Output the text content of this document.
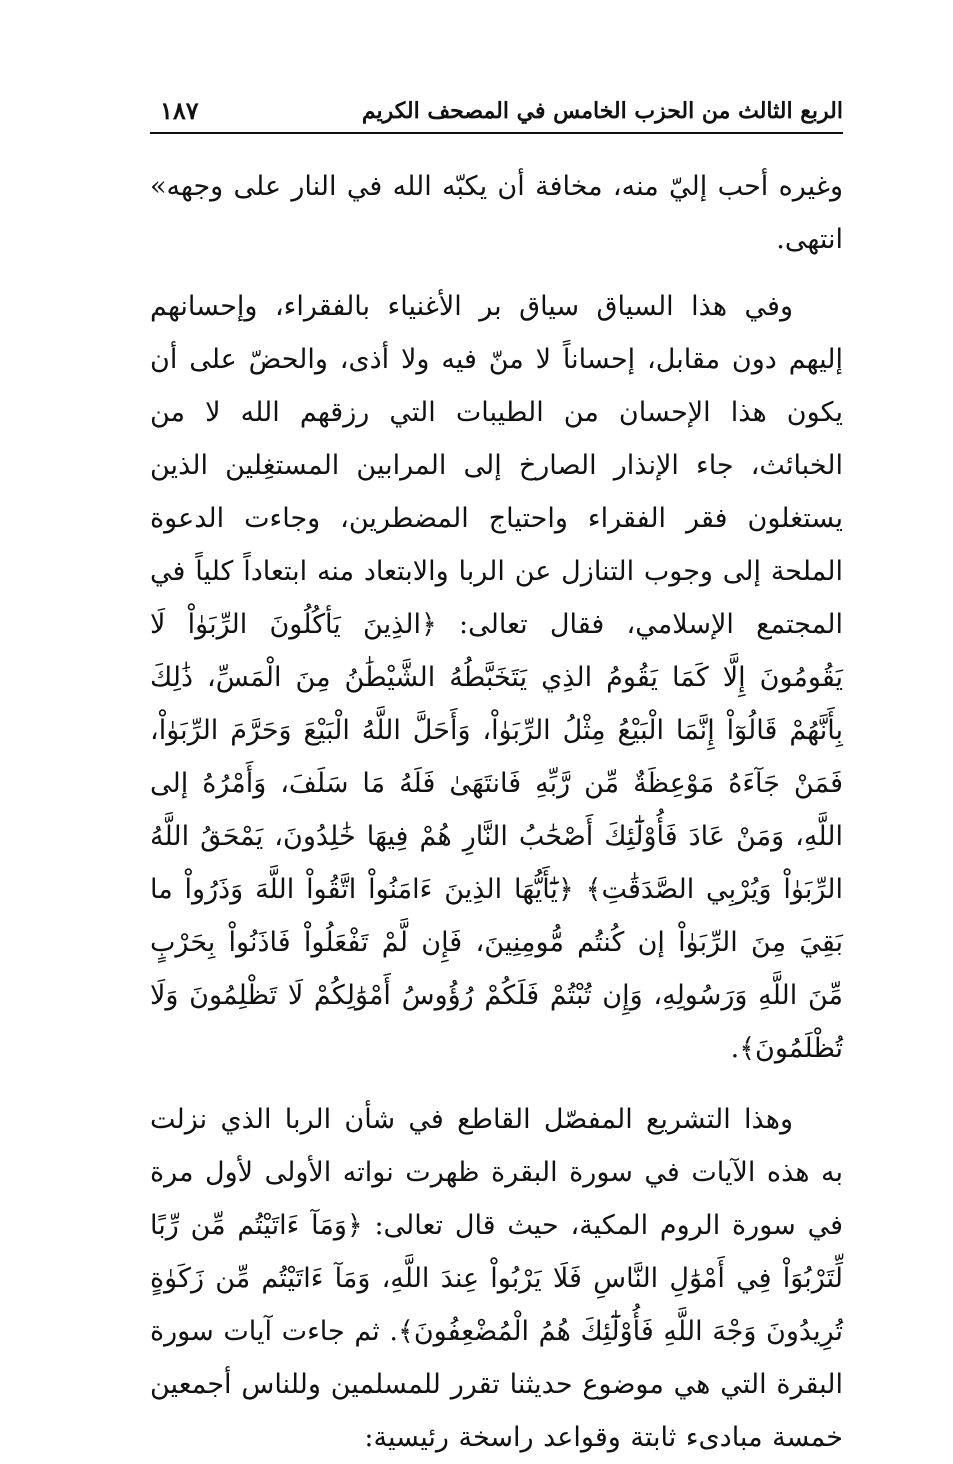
الربع الثالث من الحزب الخامس في المصحف الكريم
١٨٧

وغيره أحب إليّ منه، مخافة أن يكبّه الله في النار على وجهه» انتهى.

وفي هذا السياق سياق بر الأغنياء بالفقراء، وإحسانهم إليهم دون مقابل، إحساناً لا منّ فيه ولا أذى، والحضّ على أن يكون هذا الإحسان من الطيبات التي رزقهم الله لا من الخبائث، جاء الإنذار الصارخ إلى المرابين المستغِلين الذين يستغلون فقر الفقراء واحتياج المضطرين، وجاءت الدعوة الملحة إلى وجوب التنازل عن الربا والابتعاد منه ابتعاداً كلياً في المجتمع الإسلامي، فقال تعالى: ﴿الذِينَ يَأكُلُونَ الرِّبَوٰاْ لَا يَقُومُونَ إِلَّا كَمَا يَقُومُ الذِي يَتَخَبَّطُهُ الشَّيْطَٰنُ مِنَ الْمَسِّ، ذَٰلِكَ بِأَنَّهُمْ قَالُوٓاْ إِنَّمَا الْبَيْعُ مِثْلُ الرِّبَوٰاْ، وَأَحَلَّ اللَّهُ الْبَيْعَ وَحَرَّمَ الرِّبَوٰاْ، فَمَنْ جَآءَهُ مَوْعِظَةٌ مِّن رَّبِّهِ فَانتَهَىٰ فَلَهُ مَا سَلَفَ، وَأَمْرُهُ إلى اللَّهِ، وَمَنْ عَادَ فَأُوْلَٰٓئِكَ أَصْحَٰبُ النَّارِ هُمْ فِيهَا خَٰلِدُونَ، يَمْحَقُ اللَّهُ الرِّبَوٰاْ وَيُرْبِي الصَّدَقَٰتِ﴾ ﴿يَٰٓأَيُّهَا الذِينَ ءَامَنُواْ اتَّقُواْ اللَّهَ وَذَرُواْ ما بَقِيَ مِنَ الرِّبَوٰاْ إن كُنتُم مُّومِنِينَ، فَإِن لَّمْ تَفْعَلُواْ فَاذَنُواْ بِحَرْبٍ مِّنَ اللَّهِ وَرَسُولِهِ، وَإِن تُبْتُمْ فَلَكُمْ رُؤُوسُ أَمْوَٰلِكُمْ لَا تَظْلِمُونَ وَلَا تُظْلَمُونَ﴾.

وهذا التشريع المفصّل القاطع في شأن الربا الذي نزلت به هذه الآيات في سورة البقرة ظهرت نواته الأولى لأول مرة في سورة الروم المكية، حيث قال تعالى: ﴿وَمَآ ءَاتَيْتُم مِّن رِّبًا لِّتَرْبُوَاْ فِي أَمْوَٰلِ النَّاسِ فَلَا يَرْبُواْ عِندَ اللَّهِ، وَمَآ ءَاتَيْتُم مِّن زَكَوٰةٍ تُرِيدُونَ وَجْهَ اللَّهِ فَأُوْلَٰٓئِكَ هُمُ الْمُضْعِفُونَ﴾. ثم جاءت آيات سورة البقرة التي هي موضوع حديثنا تقرر للمسلمين وللناس أجمعين خمسة مبادىء ثابتة وقواعد راسخة رئيسية:
